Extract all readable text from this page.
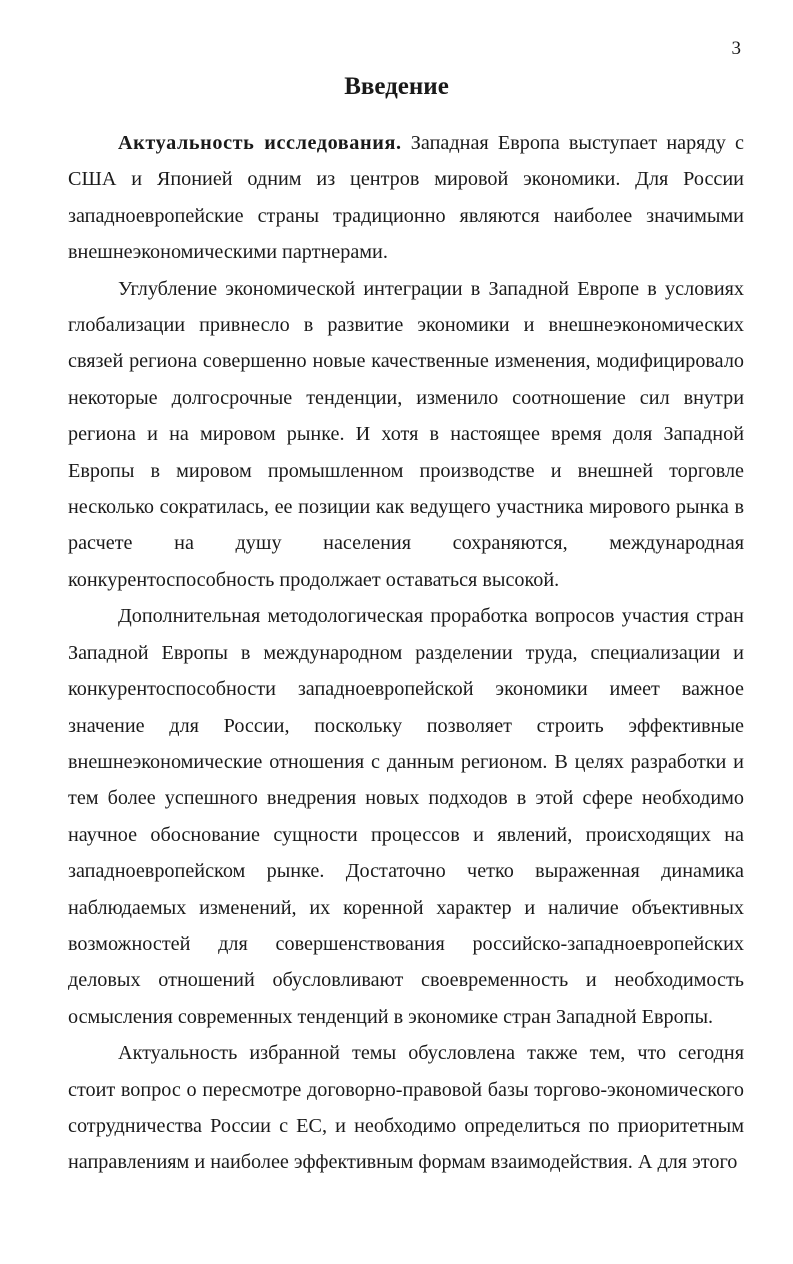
3
Введение

Актуальность исследования. Западная Европа выступает наряду с США и Японией одним из центров мировой экономики. Для России западноевропейские страны традиционно являются наиболее значимыми внешнеэкономическими партнерами.

Углубление экономической интеграции в Западной Европе в условиях глобализации привнесло в развитие экономики и внешнеэкономических связей региона совершенно новые качественные изменения, модифицировало некоторые долгосрочные тенденции, изменило соотношение сил внутри региона и на мировом рынке. И хотя в настоящее время доля Западной Европы в мировом промышленном производстве и внешней торговле несколько сократилась, ее позиции как ведущего участника мирового рынка в расчете на душу населения сохраняются, международная конкурентоспособность продолжает оставаться высокой.

Дополнительная методологическая проработка вопросов участия стран Западной Европы в международном разделении труда, специализации и конкурентоспособности западноевропейской экономики имеет важное значение для России, поскольку позволяет строить эффективные внешнеэкономические отношения с данным регионом. В целях разработки и тем более успешного внедрения новых подходов в этой сфере необходимо научное обоснование сущности процессов и явлений, происходящих на западноевропейском рынке. Достаточно четко выраженная динамика наблюдаемых изменений, их коренной характер и наличие объективных возможностей для совершенствования российско-западноевропейских деловых отношений обусловливают своевременность и необходимость осмысления современных тенденций в экономике стран Западной Европы.

Актуальность избранной темы обусловлена также тем, что сегодня стоит вопрос о пересмотре договорно-правовой базы торгово-экономического сотрудничества России с ЕС, и необходимо определиться по приоритетным направлениям и наиболее эффективным формам взаимодействия. А для этого
